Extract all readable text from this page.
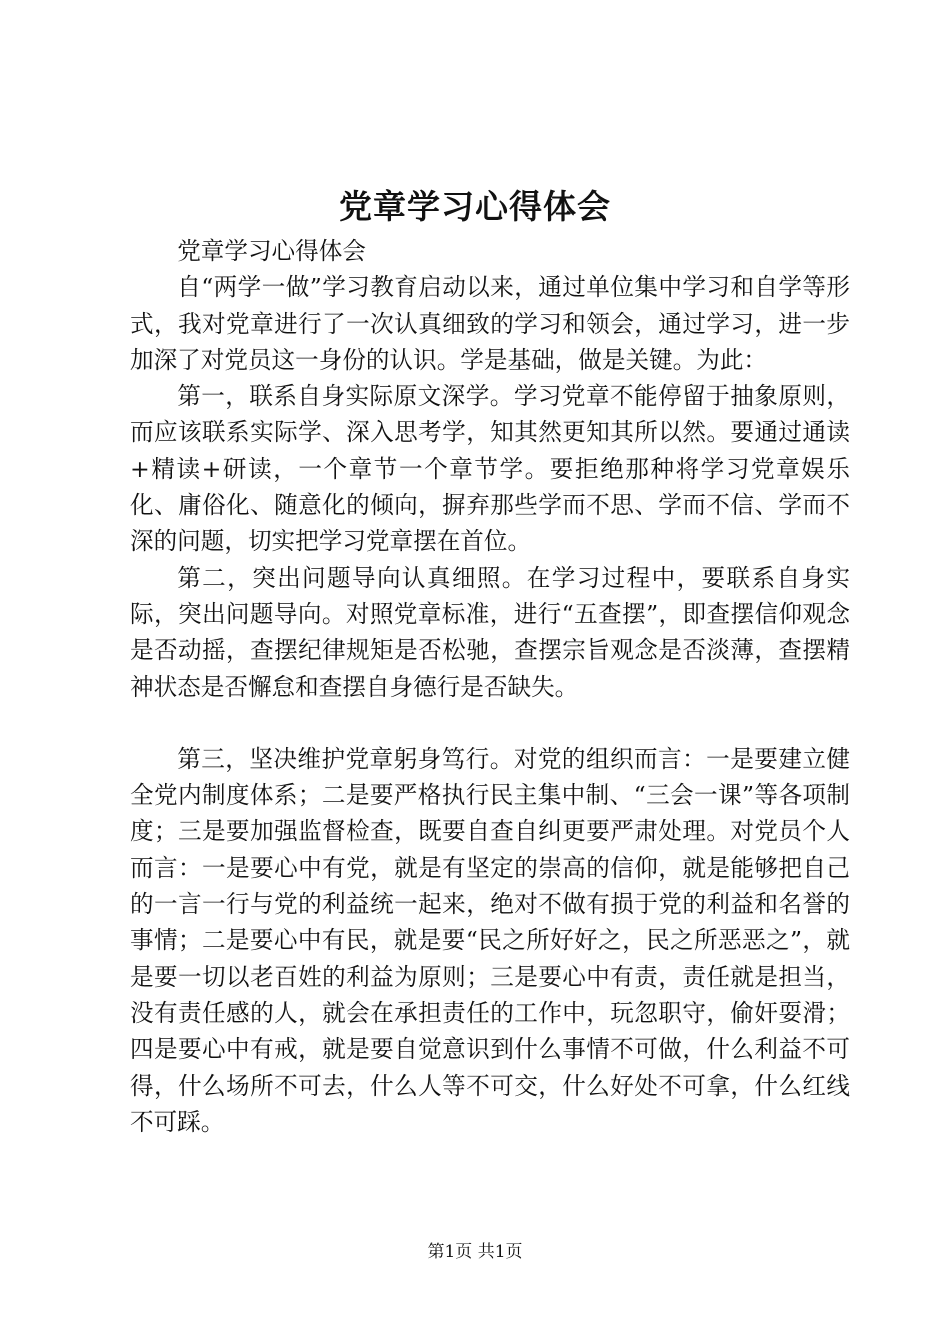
党章学习心得体会

党章学习心得体会

自“两学一做”学习教育启动以来，通过单位集中学习和自学等形式，我对党章进行了一次认真细致的学习和领会，通过学习，进一步加深了对党员这一身份的认识。学是基础，做是关键。为此：

第一，联系自身实际原文深学。学习党章不能停留于抽象原则，而应该联系实际学、深入思考学，知其然更知其所以然。要通过通读+精读+研读，一个章节一个章节学。要拒绝那种将学习党章娱乐化、庸俗化、随意化的倾向，摒弃那些学而不思、学而不信、学而不深的问题，切实把学习党章摆在首位。

第二，突出问题导向认真细照。在学习过程中，要联系自身实际，突出问题导向。对照党章标准，进行“五查摆”，即查摆信仰观念是否动摇，查摆纪律规矩是否松驰，查摆宗旨观念是否淡薄，查摆精神状态是否懈怠和查摆自身德行是否缺失。

第三，坚决维护党章躬身笃行。对党的组织而言：一是要建立健全党内制度体系；二是要严格执行民主集中制、“三会一课”等各项制度；三是要加强监督检查，既要自查自纠更要严肃处理。对党员个人而言：一是要心中有党，就是有坚定的崇高的信仰，就是能够把自己的一言一行与党的利益统一起来，绝对不做有损于党的利益和名誉的事情；二是要心中有民，就是要“民之所好好之，民之所恶恶之”，就是要一切以老百姓的利益为原则；三是要心中有责，责任就是担当，没有责任感的人，就会在承担责任的工作中，玩忽职守，偷奸耍滑；四是要心中有戒，就是要自觉意识到什么事情不可做，什么利益不可得，什么场所不可去，什么人等不可交，什么好处不可拿，什么红线不可踩。

第1页 共1页
